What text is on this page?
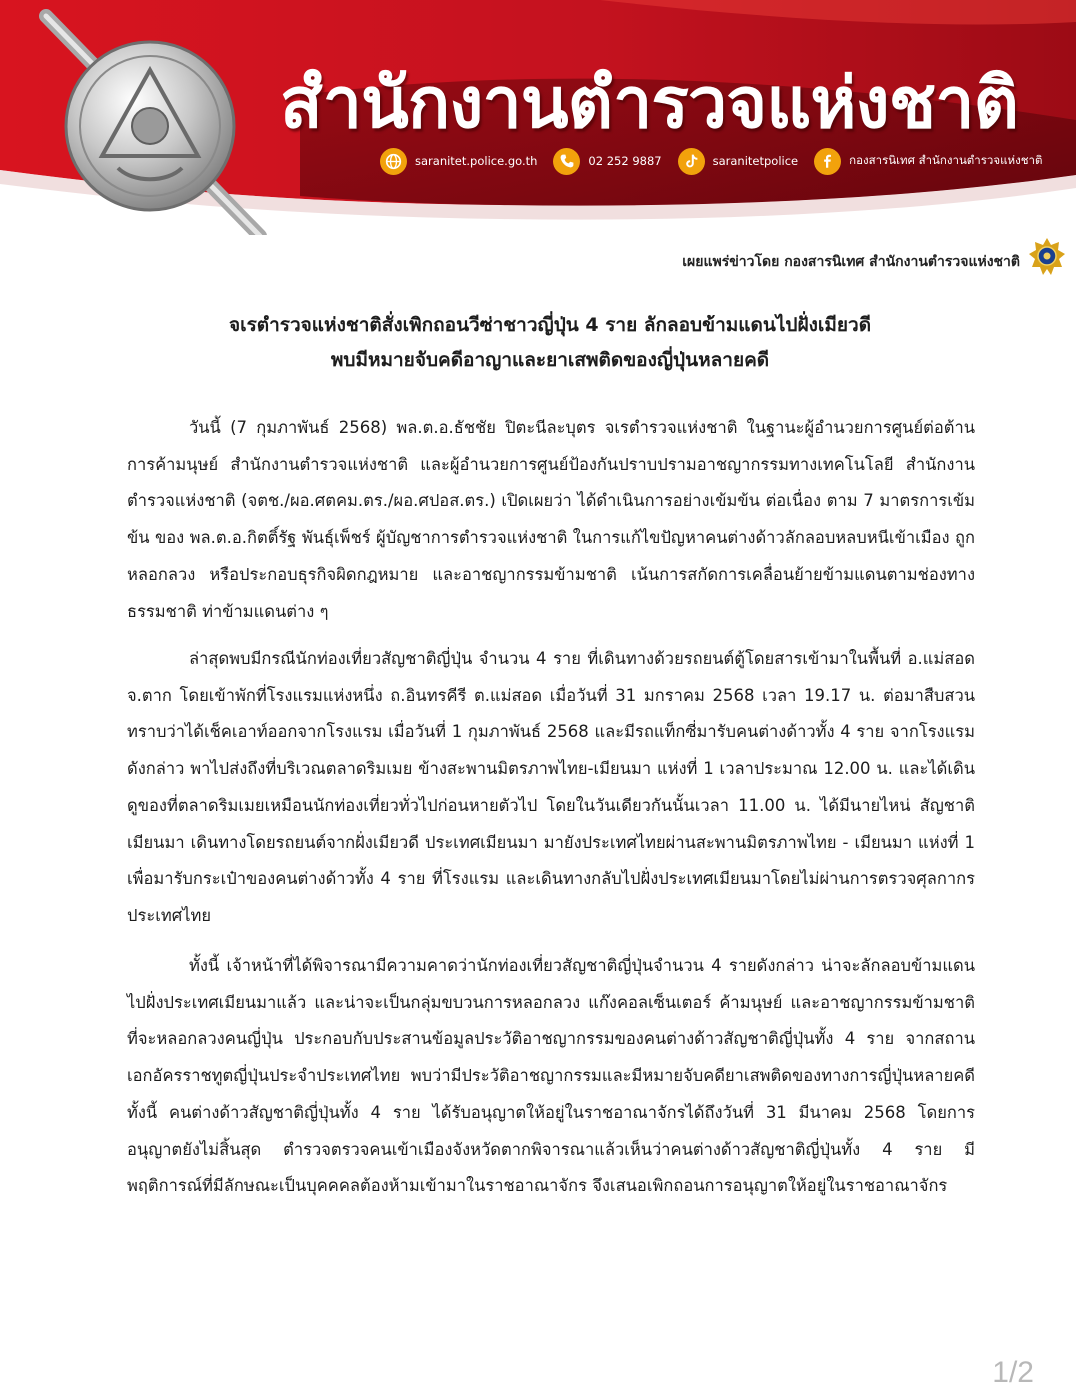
สำนักงานตำรวจแห่งชาติ
saranitet.police.go.th	02 252 9887	saranitetpolice	กองสารนิเทศ สำนักงานตำรวจแห่งชาติ
เผยแพร่ข่าวโดย กองสารนิเทศ สำนักงานตำรวจแห่งชาติ
จเรตำรวจแห่งชาติสั่งเพิกถอนวีซ่าชาวญี่ปุ่น 4 ราย ลักลอบข้ามแดนไปฝั่งเมียวดี
พบมีหมายจับคดีอาญาและยาเสพติดของญี่ปุ่นหลายคดี
วันนี้ (7 กุมภาพันธ์ 2568) พล.ต.อ.ธัชชัย ปิตะนีละบุตร จเรตำรวจแห่งชาติ ในฐานะผู้อำนวยการศูนย์ต่อต้านการค้ามนุษย์ สำนักงานตำรวจแห่งชาติ และผู้อำนวยการศูนย์ป้องกันปราบปรามอาชญากรรมทางเทคโนโลยี สำนักงานตำรวจแห่งชาติ (จตช./ผอ.ศตคม.ตร./ผอ.ศปอส.ตร.) เปิดเผยว่า ได้ดำเนินการอย่างเข้มข้น ต่อเนื่อง ตาม 7 มาตรการเข้มข้น ของ พล.ต.อ.กิตติ์รัฐ พันธุ์เพ็ชร์ ผู้บัญชาการตำรวจแห่งชาติ ในการแก้ไขปัญหาคนต่างด้าวลักลอบหลบหนีเข้าเมือง ถูกหลอกลวง หรือประกอบธุรกิจผิดกฎหมาย และอาชญากรรมข้ามชาติ เน้นการสกัดการเคลื่อนย้ายข้ามแดนตามช่องทางธรรมชาติ ท่าข้ามแดนต่าง ๆ
ล่าสุดพบมีกรณีนักท่องเที่ยวสัญชาติญี่ปุ่น จำนวน 4 ราย ที่เดินทางด้วยรถยนต์ตู้โดยสารเข้ามาในพื้นที่ อ.แม่สอด จ.ตาก โดยเข้าพักที่โรงแรมแห่งหนึ่ง ถ.อินทรคีรี ต.แม่สอด เมื่อวันที่ 31 มกราคม 2568 เวลา 19.17 น. ต่อมาสืบสวนทราบว่าได้เช็คเอาท์ออกจากโรงแรม เมื่อวันที่ 1 กุมภาพันธ์ 2568 และมีรถแท็กซี่มารับคนต่างด้าวทั้ง 4 ราย จากโรงแรมดังกล่าว พาไปส่งถึงที่บริเวณตลาดริมเมย ข้างสะพานมิตรภาพไทย-เมียนมา แห่งที่ 1 เวลาประมาณ 12.00 น. และได้เดินดูของที่ตลาดริมเมยเหมือนนักท่องเที่ยวทั่วไปก่อนหายตัวไป โดยในวันเดียวกันนั้นเวลา 11.00 น. ได้มีนายไหน่ สัญชาติเมียนมา เดินทางโดยรถยนต์จากฝั่งเมียวดี ประเทศเมียนมา มายังประเทศไทยผ่านสะพานมิตรภาพไทย - เมียนมา แห่งที่ 1 เพื่อมารับกระเป๋าของคนต่างด้าวทั้ง 4 ราย ที่โรงแรม และเดินทางกลับไปฝั่งประเทศเมียนมาโดยไม่ผ่านการตรวจศุลกากรประเทศไทย
ทั้งนี้ เจ้าหน้าที่ได้พิจารณามีความคาดว่านักท่องเที่ยวสัญชาติญี่ปุ่นจำนวน 4 รายดังกล่าว น่าจะลักลอบข้ามแดนไปฝั่งประเทศเมียนมาแล้ว และน่าจะเป็นกลุ่มขบวนการหลอกลวง แก๊งคอลเซ็นเตอร์ ค้ามนุษย์ และอาชญากรรมข้ามชาติ ที่จะหลอกลวงคนญี่ปุ่น ประกอบกับประสานข้อมูลประวัติอาชญากรรมของคนต่างด้าวสัญชาติญี่ปุ่นทั้ง 4 ราย จากสถานเอกอัครราชทูตญี่ปุ่นประจำประเทศไทย พบว่ามีประวัติอาชญากรรมและมีหมายจับคดียาเสพติดของทางการญี่ปุ่นหลายคดี ทั้งนี้ คนต่างด้าวสัญชาติญี่ปุ่นทั้ง 4 ราย ได้รับอนุญาตให้อยู่ในราชอาณาจักรได้ถึงวันที่ 31 มีนาคม 2568 โดยการอนุญาตยังไม่สิ้นสุด ตำรวจตรวจคนเข้าเมืองจังหวัดตากพิจารณาแล้วเห็นว่าคนต่างด้าวสัญชาติญี่ปุ่นทั้ง 4 ราย มีพฤติการณ์ที่มีลักษณะเป็นบุคคคลต้องห้ามเข้ามาในราชอาณาจักร จึงเสนอเพิกถอนการอนุญาตให้อยู่ในราชอาณาจักร
1/2
